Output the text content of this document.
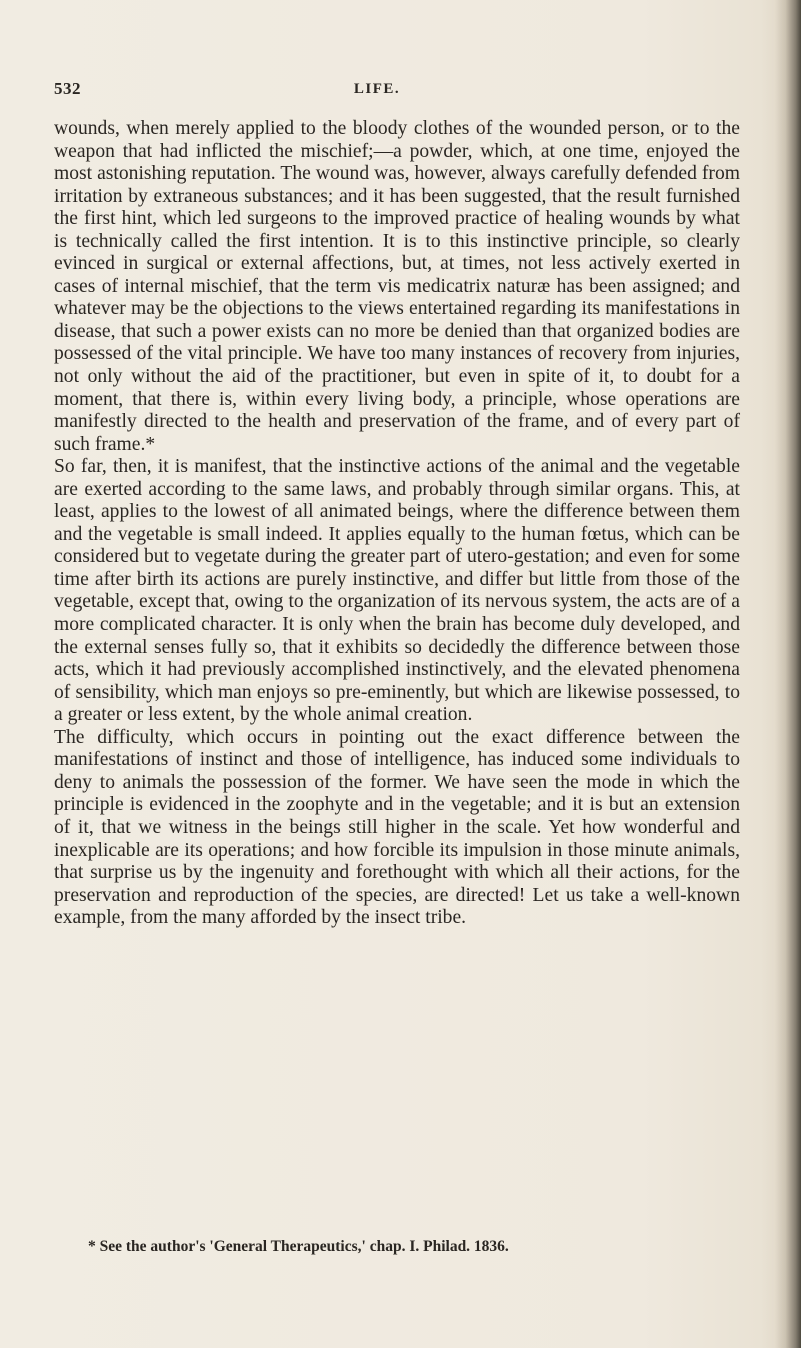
532	LIFE.

wounds, when merely applied to the bloody clothes of the wounded person, or to the weapon that had inflicted the mischief;—a powder, which, at one time, enjoyed the most astonishing reputation. The wound was, however, always carefully defended from irritation by extraneous substances; and it has been suggested, that the result furnished the first hint, which led surgeons to the improved practice of healing wounds by what is technically called the first intention. It is to this instinctive principle, so clearly evinced in surgical or external affections, but, at times, not less actively exerted in cases of internal mischief, that the term vis medicatrix naturæ has been assigned; and whatever may be the objections to the views entertained regarding its manifestations in disease, that such a power exists can no more be denied than that organized bodies are possessed of the vital principle. We have too many instances of recovery from injuries, not only without the aid of the practitioner, but even in spite of it, to doubt for a moment, that there is, within every living body, a principle, whose operations are manifestly directed to the health and preservation of the frame, and of every part of such frame.*

So far, then, it is manifest, that the instinctive actions of the animal and the vegetable are exerted according to the same laws, and probably through similar organs. This, at least, applies to the lowest of all animated beings, where the difference between them and the vegetable is small indeed. It applies equally to the human fœtus, which can be considered but to vegetate during the greater part of utero-gestation; and even for some time after birth its actions are purely instinctive, and differ but little from those of the vegetable, except that, owing to the organization of its nervous system, the acts are of a more complicated character. It is only when the brain has become duly developed, and the external senses fully so, that it exhibits so decidedly the difference between those acts, which it had previously accomplished instinctively, and the elevated phenomena of sensibility, which man enjoys so pre-eminently, but which are likewise possessed, to a greater or less extent, by the whole animal creation.

The difficulty, which occurs in pointing out the exact difference between the manifestations of instinct and those of intelligence, has induced some individuals to deny to animals the possession of the former. We have seen the mode in which the principle is evidenced in the zoophyte and in the vegetable; and it is but an extension of it, that we witness in the beings still higher in the scale. Yet how wonderful and inexplicable are its operations; and how forcible its impulsion in those minute animals, that surprise us by the ingenuity and forethought with which all their actions, for the preservation and reproduction of the species, are directed! Let us take a well-known example, from the many afforded by the insect tribe.

* See the author's 'General Therapeutics,' chap. I. Philad. 1836.
